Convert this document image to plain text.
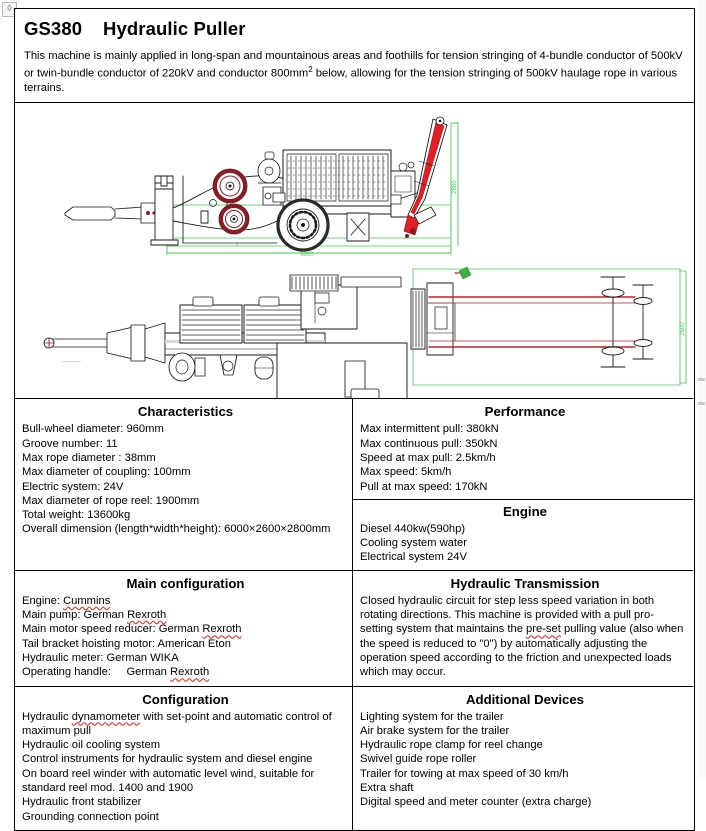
◊
GS380    Hydraulic Puller

This machine is mainly applied in long-span and mountainous areas and foothills for tension stringing of 4-bundle conductor of 500kV or twin-bundle conductor of 220kV and conductor $800mm^2$ below, allowing for the tension stringing of 500kV haulage rope in various terrains.

6000
2800
2600
─────
Characteristics
Bull-wheel diameter: 960mm
Groove number: 11
Max rope diameter : 38mm
Max diameter of coupling: 100mm
Electric system: 24V
Max diameter of rope reel: 1900mm
Total weight: 13600kg
Overall dimension (length*width*height): 6000×2600×2800mm
Performance
Max intermittent pull: 380kN
Max continuous pull: 350kN
Speed at max pull: 2.5km/h
Max speed: 5km/h
Pull at max speed: 170kN
Engine
Diesel 440kw(590hp)
Cooling system water
Electrical system 24V
Main configuration
Engine: Cummins
Main pump: German Rexroth
Main motor speed reducer: German Rexroth
Tail bracket hoisting motor: American Eton
Hydraulic meter: German WIKA
Operating handle:     German Rexroth
Hydraulic Transmission
Closed hydraulic circuit for step less speed variation in both rotating directions. This machine is provided with a pull pro-setting system that maintains the pre-set pulling value (also when the speed is reduced to "0") by automatically adjusting the operation speed according to the friction and unexpected loads which may occur.
Configuration
Hydraulic dynamometer with set-point and automatic control of maximum pull
Hydraulic oil cooling system
Control instruments for hydraulic system and diesel engine
On board reel winder with automatic level wind, suitable for standard reel mod. 1400 and 1900
Hydraulic front stabilizer
Grounding connection point
Additional Devices
Lighting system for the trailer
Air brake system for the trailer
Hydraulic rope clamp for reel change
Swivel guide rope roller
Trailer for towing at max speed of 30 km/h
Extra shaft
Digital speed and meter counter (extra charge)
